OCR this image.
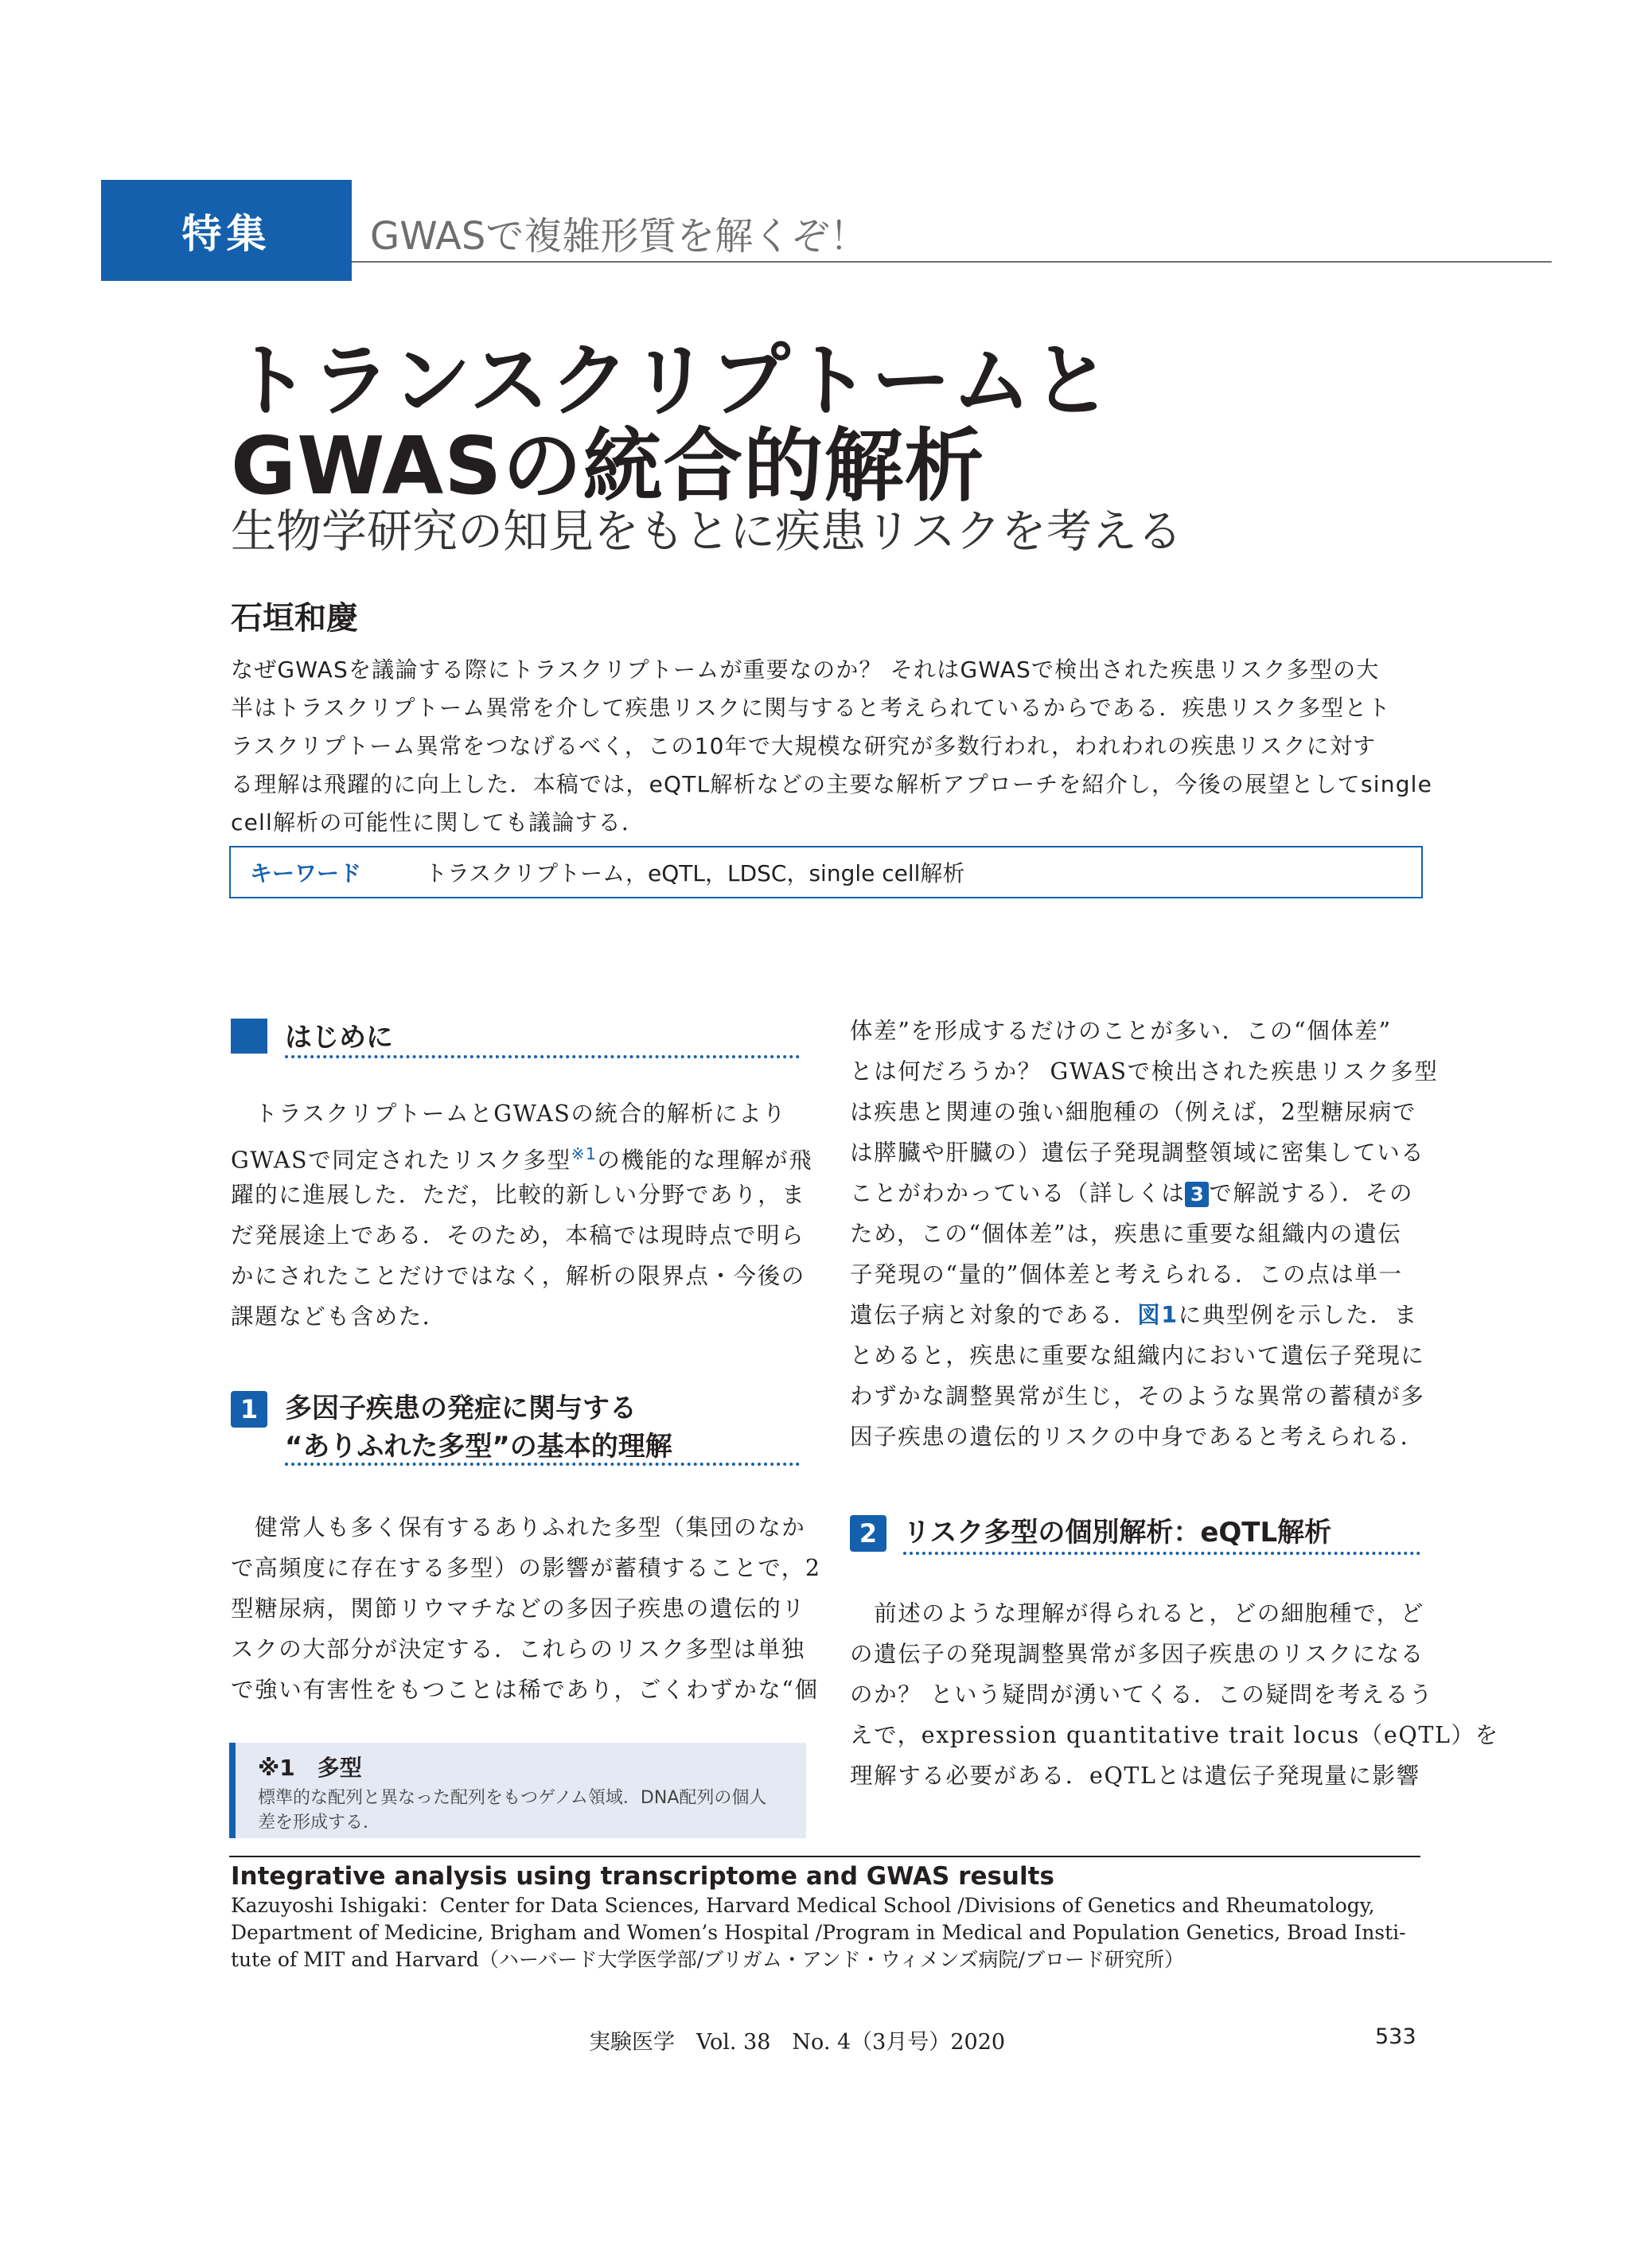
特集	GWASで複雑形質を解くぞ！
トランスクリプトームと
GWASの統合的解析
生物学研究の知見をもとに疾患リスクを考える
石垣和慶
なぜGWASを議論する際にトラスクリプトームが重要なのか？ それはGWASで検出された疾患リスク多型の大
半はトラスクリプトーム異常を介して疾患リスクに関与すると考えられているからである．疾患リスク多型とト
ラスクリプトーム異常をつなげるべく，この10年で大規模な研究が多数行われ，われわれの疾患リスクに対す
る理解は飛躍的に向上した．本稿では，eQTL解析などの主要な解析アプローチを紹介し，今後の展望としてsingle
cell解析の可能性に関しても議論する．
キーワード	トラスクリプトーム，eQTL，LDSC，single cell解析
はじめに
　トラスクリプトームとGWASの統合的解析により
GWASで同定されたリスク多型$^{※1}$の機能的な理解が飛
躍的に進展した．ただ，比較的新しい分野であり，ま
だ発展途上である．そのため，本稿では現時点で明ら
かにされたことだけではなく，解析の限界点・今後の
課題なども含めた．
1 多因子疾患の発症に関与する
“ありふれた多型”の基本的理解
　健常人も多く保有するありふれた多型（集団のなか
で高頻度に存在する多型）の影響が蓄積することで，2
型糖尿病，関節リウマチなどの多因子疾患の遺伝的リ
スクの大部分が決定する．これらのリスク多型は単独
で強い有害性をもつことは稀であり，ごくわずかな“個
※1　多型
標準的な配列と異なった配列をもつゲノム領域．DNA配列の個人
差を形成する．
体差”を形成するだけのことが多い．この“個体差”
とは何だろうか？ GWASで検出された疾患リスク多型
は疾患と関連の強い細胞種の（例えば，2型糖尿病で
は膵臓や肝臓の）遺伝子発現調整領域に密集している
ことがわかっている（詳しくは 3 で解説する）．その
ため，この“個体差”は，疾患に重要な組織内の遺伝
子発現の“量的”個体差と考えられる．この点は単一
遺伝子病と対象的である．図1に典型例を示した．ま
とめると，疾患に重要な組織内において遺伝子発現に
わずかな調整異常が生じ，そのような異常の蓄積が多
因子疾患の遺伝的リスクの中身であると考えられる．
2 リスク多型の個別解析：eQTL解析
　前述のような理解が得られると，どの細胞種で，ど
の遺伝子の発現調整異常が多因子疾患のリスクになる
のか？ という疑問が湧いてくる．この疑問を考えるう
えで，expression quantitative trait locus（eQTL）を
理解する必要がある．eQTLとは遺伝子発現量に影響
Integrative analysis using transcriptome and GWAS results
Kazuyoshi Ishigaki：Center for Data Sciences, Harvard Medical School /Divisions of Genetics and Rheumatology,
Department of Medicine, Brigham and Women’s Hospital /Program in Medical and Population Genetics, Broad Insti-
tute of MIT and Harvard（ハーバード大学医学部/ブリガム・アンド・ウィメンズ病院/ブロード研究所）
実験医学　Vol. 38　No. 4（3月号）2020	533
